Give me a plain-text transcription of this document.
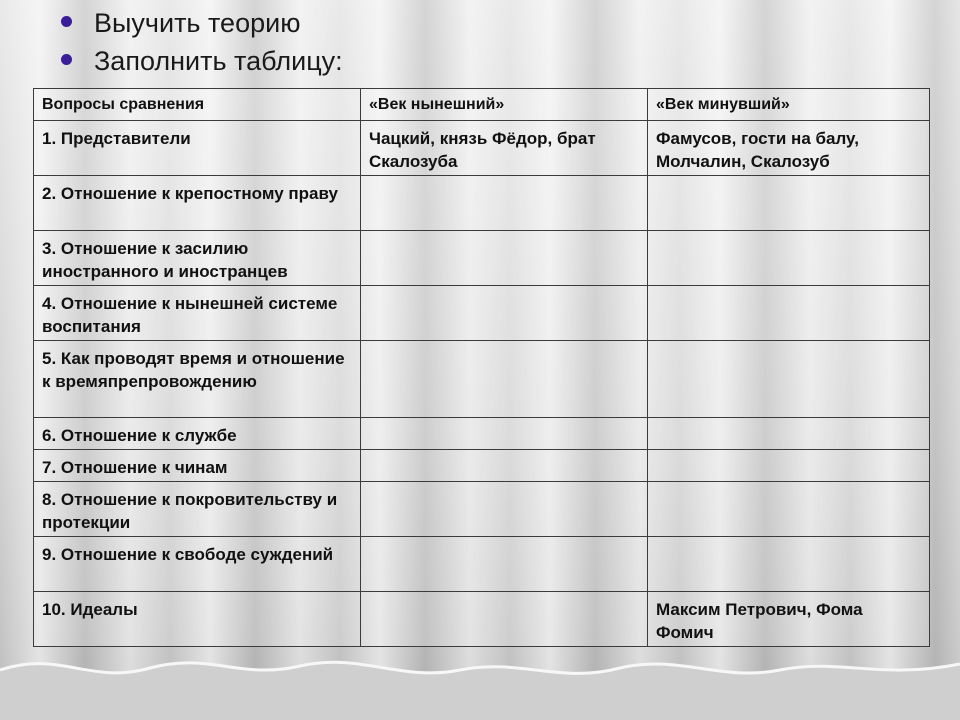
Выучить теорию
Заполнить таблицу:
Вопросы сравнения	«Век нынешний»	«Век минувший»
1. Представители	Чацкий, князь Фёдор, брат Скалозуба	Фамусов, гости на балу, Молчалин, Скалозуб
2. Отношение к крепостному праву		
3. Отношение к засилию иностранного и иностранцев		
4. Отношение к нынешней системе воспитания		
5. Как проводят время и отношение к времяпрепровождению		
6. Отношение к службе		
7. Отношение к чинам		
8. Отношение к покровительству и протекции		
9. Отношение к свободе суждений		
10. Идеалы		Максим Петрович, Фома Фомич
